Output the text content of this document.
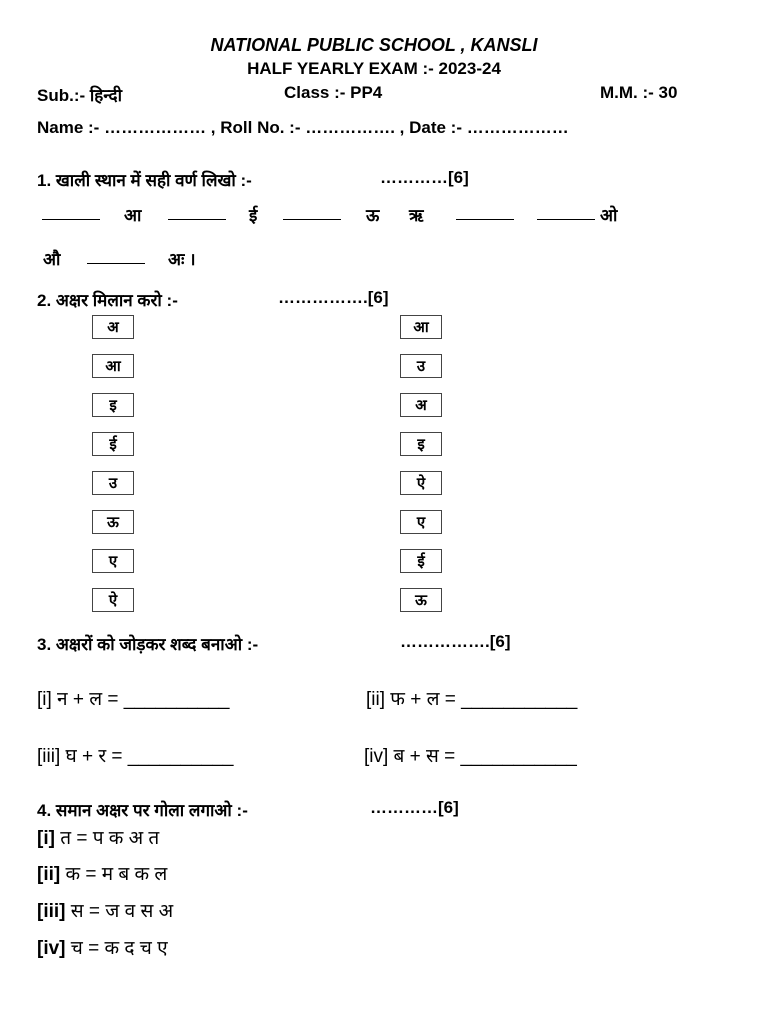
NATIONAL PUBLIC SCHOOL , KANSLI
HALF YEARLY EXAM :- 2023-24
Sub.:- हिन्दी	Class :- PP4	M.M. :- 30
Name :- ……………… , Roll No. :- ……………. , Date :- ………………
1. खाली स्थान में सही वर्ण लिखो :-	…………[6]
आ	ई	ऊ ऋ	ओ
औ	अः ।
2. अक्षर मिलान करो :-	…………….[6]
अ
आ
इ
ई
उ
ऊ
ए
ऐ
आ
उ
अ
इ
ऐ
ए
ई
ऊ
3. अक्षरों को जोड़कर शब्द बनाओ :-	…………….[6]
[i] न + ल = __________	[ii] फ + ल = ___________
[iii] घ + र = __________	[iv] ब + स = ___________
4. समान अक्षर पर गोला लगाओ :-	…………[6]
[i] त = प क अ त
[ii] क = म ब क ल
[iii] स = ज व स अ
[iv] च = क द च ए
